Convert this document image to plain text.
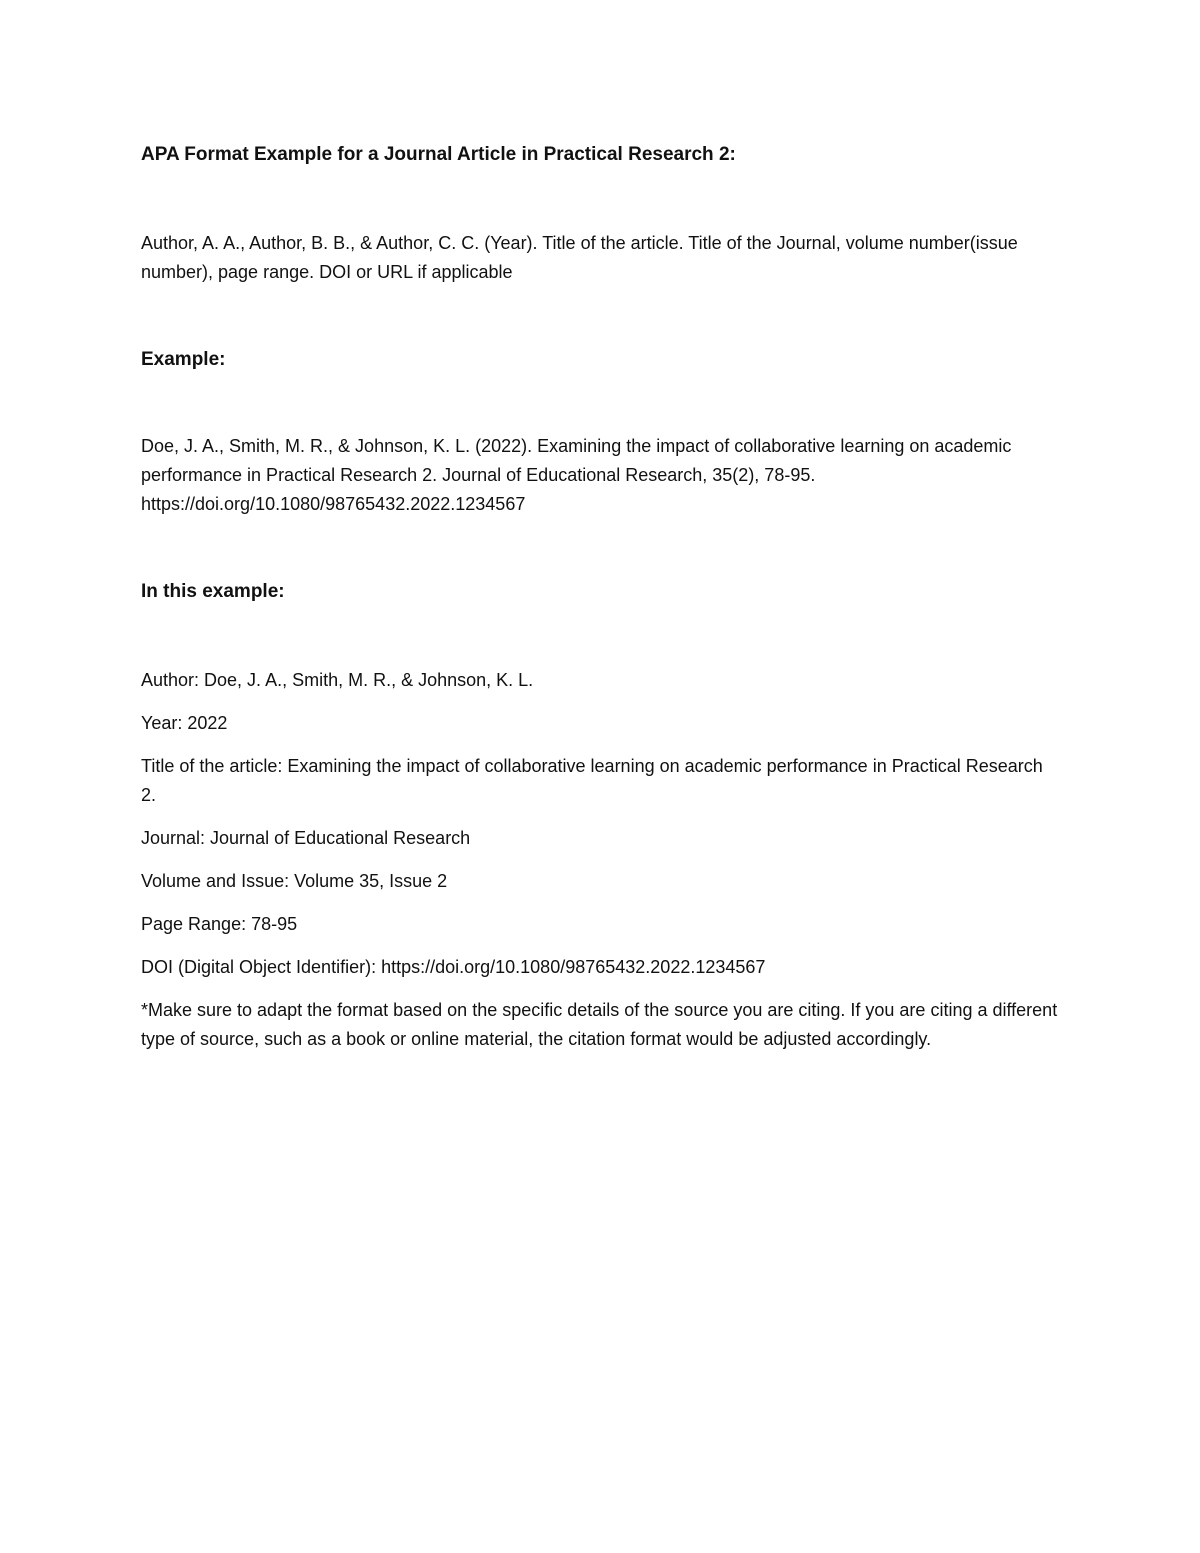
APA Format Example for a Journal Article in Practical Research 2:

Author, A. A., Author, B. B., & Author, C. C. (Year). Title of the article. Title of the Journal, volume number(issue number), page range. DOI or URL if applicable

Example:

Doe, J. A., Smith, M. R., & Johnson, K. L. (2022). Examining the impact of collaborative learning on academic performance in Practical Research 2. Journal of Educational Research, 35(2), 78-95. https://doi.org/10.1080/98765432.2022.1234567

In this example:

Author: Doe, J. A., Smith, M. R., & Johnson, K. L.

Year: 2022

Title of the article: Examining the impact of collaborative learning on academic performance in Practical Research 2.

Journal: Journal of Educational Research

Volume and Issue: Volume 35, Issue 2

Page Range: 78-95

DOI (Digital Object Identifier): https://doi.org/10.1080/98765432.2022.1234567

*Make sure to adapt the format based on the specific details of the source you are citing. If you are citing a different type of source, such as a book or online material, the citation format would be adjusted accordingly.
